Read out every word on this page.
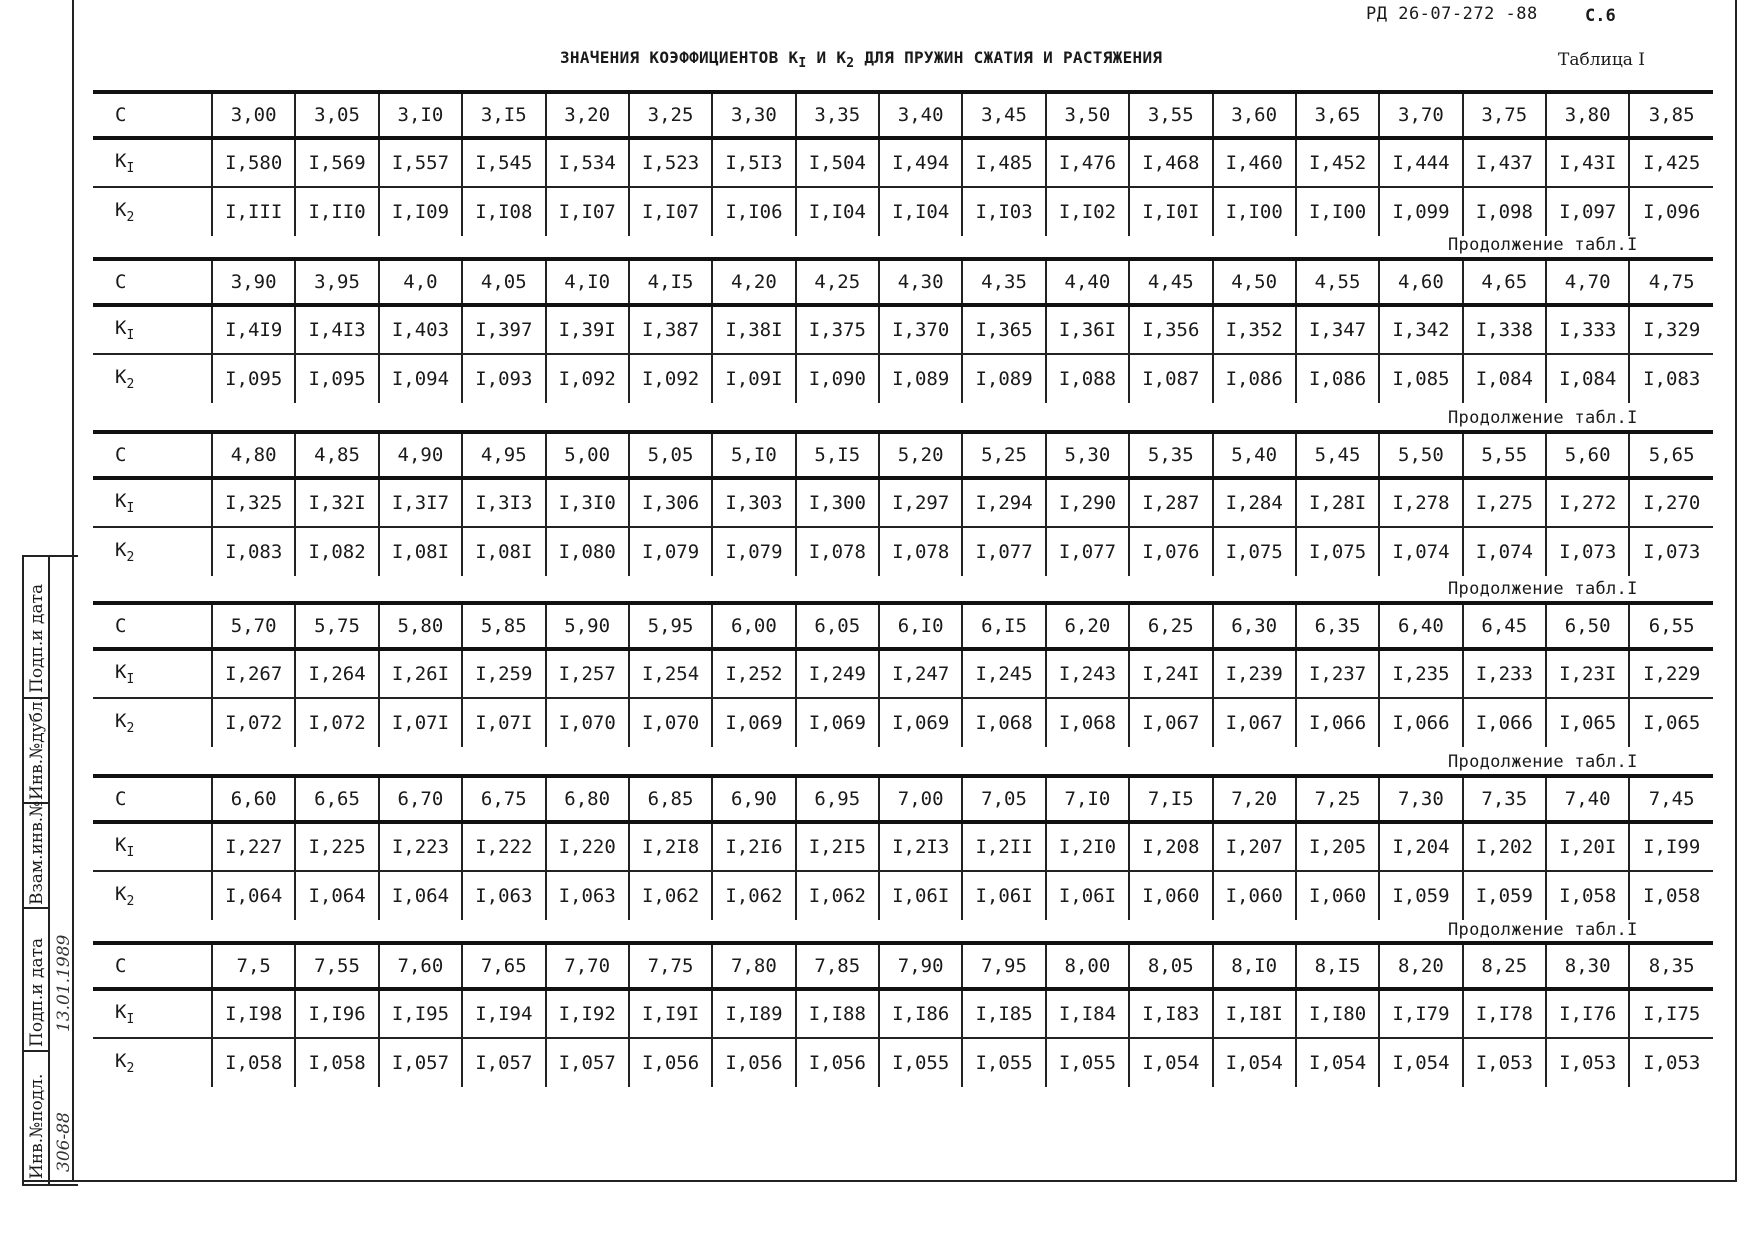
РД 26-07-272 -88	С.6
ЗНАЧЕНИЯ КОЭФФИЦИЕНТОВ $К_I$ И $К_2$ ДЛЯ ПРУЖИН СЖАТИЯ И РАСТЯЖЕНИЯ	Таблица I
С	3,00	3,05	3,I0	3,I5	3,20	3,25	3,30	3,35	3,40	3,45	3,50	3,55	3,60	3,65	3,70	3,75	3,80	3,85
$К_I$	I,580	I,569	I,557	I,545	I,534	I,523	I,5I3	I,504	I,494	I,485	I,476	I,468	I,460	I,452	I,444	I,437	I,43I	I,425
$К_2$	I,III	I,II0	I,I09	I,I08	I,I07	I,I07	I,I06	I,I04	I,I04	I,I03	I,I02	I,I0I	I,I00	I,I00	I,099	I,098	I,097	I,096
Продолжение табл.I
С	3,90	3,95	4,0	4,05	4,I0	4,I5	4,20	4,25	4,30	4,35	4,40	4,45	4,50	4,55	4,60	4,65	4,70	4,75
$К_I$	I,4I9	I,4I3	I,403	I,397	I,39I	I,387	I,38I	I,375	I,370	I,365	I,36I	I,356	I,352	I,347	I,342	I,338	I,333	I,329
$К_2$	I,095	I,095	I,094	I,093	I,092	I,092	I,09I	I,090	I,089	I,089	I,088	I,087	I,086	I,086	I,085	I,084	I,084	I,083
Продолжение табл.I
С	4,80	4,85	4,90	4,95	5,00	5,05	5,I0	5,I5	5,20	5,25	5,30	5,35	5,40	5,45	5,50	5,55	5,60	5,65
$К_I$	I,325	I,32I	I,3I7	I,3I3	I,3I0	I,306	I,303	I,300	I,297	I,294	I,290	I,287	I,284	I,28I	I,278	I,275	I,272	I,270
$К_2$	I,083	I,082	I,08I	I,08I	I,080	I,079	I,079	I,078	I,078	I,077	I,077	I,076	I,075	I,075	I,074	I,074	I,073	I,073
Продолжение табл.I
С	5,70	5,75	5,80	5,85	5,90	5,95	6,00	6,05	6,I0	6,I5	6,20	6,25	6,30	6,35	6,40	6,45	6,50	6,55
$К_I$	I,267	I,264	I,26I	I,259	I,257	I,254	I,252	I,249	I,247	I,245	I,243	I,24I	I,239	I,237	I,235	I,233	I,23I	I,229
$К_2$	I,072	I,072	I,07I	I,07I	I,070	I,070	I,069	I,069	I,069	I,068	I,068	I,067	I,067	I,066	I,066	I,066	I,065	I,065
Продолжение табл.I
С	6,60	6,65	6,70	6,75	6,80	6,85	6,90	6,95	7,00	7,05	7,I0	7,I5	7,20	7,25	7,30	7,35	7,40	7,45
$К_I$	I,227	I,225	I,223	I,222	I,220	I,2I8	I,2I6	I,2I5	I,2I3	I,2II	I,2I0	I,208	I,207	I,205	I,204	I,202	I,20I	I,I99
$К_2$	I,064	I,064	I,064	I,063	I,063	I,062	I,062	I,062	I,06I	I,06I	I,06I	I,060	I,060	I,060	I,059	I,059	I,058	I,058
Продолжение табл.I
С	7,5	7,55	7,60	7,65	7,70	7,75	7,80	7,85	7,90	7,95	8,00	8,05	8,I0	8,I5	8,20	8,25	8,30	8,35
$К_I$	I,I98	I,I96	I,I95	I,I94	I,I92	I,I9I	I,I89	I,I88	I,I86	I,I85	I,I84	I,I83	I,I8I	I,I80	I,I79	I,I78	I,I76	I,I75
$К_2$	I,058	I,058	I,057	I,057	I,057	I,056	I,056	I,056	I,055	I,055	I,055	I,054	I,054	I,054	I,054	I,053	I,053	I,053
Подп.и дата
Инв.№дубл.
Взам.инв.№
Подп.и дата
Инв.№подл.
13.01.1989
306-88
